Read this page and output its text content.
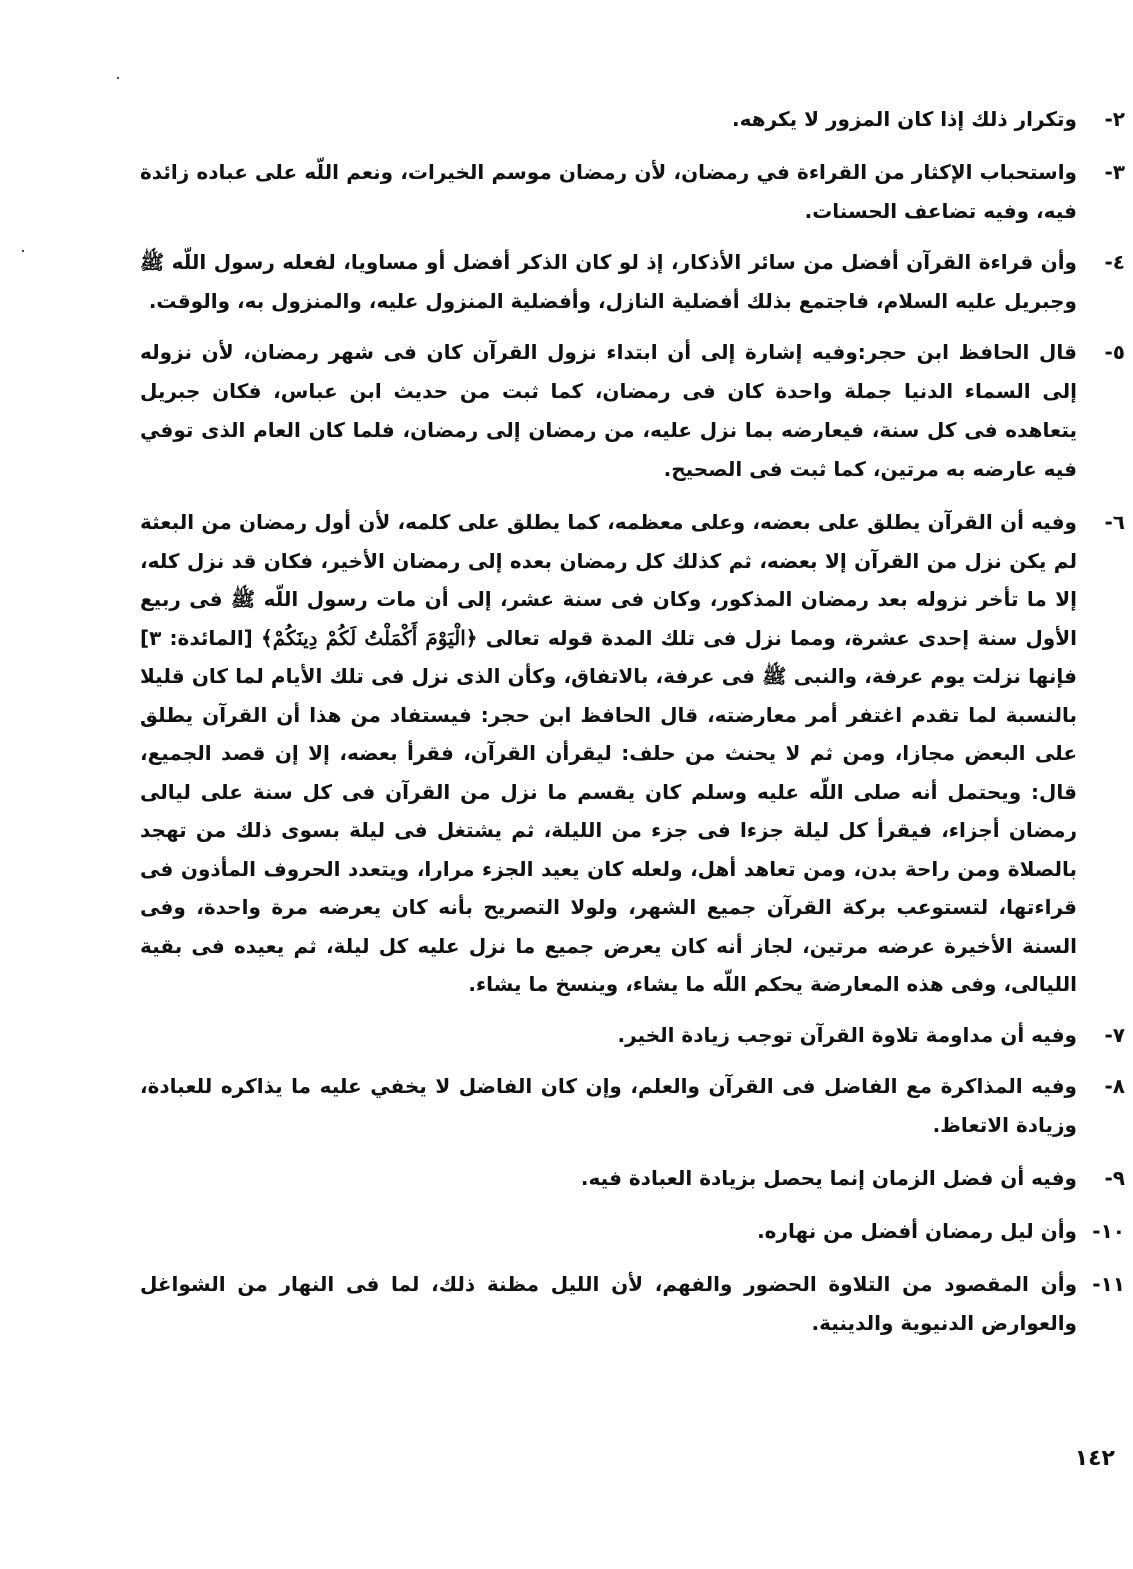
٢-

وتكرار ذلك إذا كان المزور لا يكرهه.

٣-

واستحباب الإكثار من القراءة في رمضان، لأن رمضان موسم الخيرات، ونعم اللّه على عباده زائدة فيه، وفيه تضاعف الحسنات.

٤-

وأن قراءة القرآن أفضل من سائر الأذكار، إذ لو كان الذكر أفضل أو مساويا، لفعله رسول اللّه ﷺ وجبريل عليه السلام، فاجتمع بذلك أفضلية النازل، وأفضلية المنزول عليه، والمنزول به، والوقت.

٥-

قال الحافظ ابن حجر:وفيه إشارة إلى أن ابتداء نزول القرآن كان فى شهر رمضان، لأن نزوله إلى السماء الدنيا جملة واحدة كان فى رمضان، كما ثبت من حديث ابن عباس، فكان جبريل يتعاهده فى كل سنة، فيعارضه بما نزل عليه، من رمضان إلى رمضان، فلما كان العام الذى توفي فيه عارضه به مرتين، كما ثبت فى الصحيح.

٦-

وفيه أن القرآن يطلق على بعضه، وعلى معظمه، كما يطلق على كلمه، لأن أول رمضان من البعثة لم يكن نزل من القرآن إلا بعضه، ثم كذلك كل رمضان بعده إلى رمضان الأخير، فكان قد نزل كله، إلا ما تأخر نزوله بعد رمضان المذكور، وكان فى سنة عشر، إلى أن مات رسول اللّه ﷺ فى ربيع الأول سنة إحدى عشرة، ومما نزل فى تلك المدة قوله تعالى ﴿الْيَوْمَ أَكْمَلْتُ لَكُمْ دِينَكُمْ﴾ [المائدة: ٣] فإنها نزلت يوم عرفة، والنبى ﷺ فى عرفة، بالاتفاق، وكأن الذى نزل فى تلك الأيام لما كان قليلا بالنسبة لما تقدم اغتفر أمر معارضته، قال الحافظ ابن حجر: فيستفاد من هذا أن القرآن يطلق على البعض مجازا، ومن ثم لا يحنث من حلف: ليقرأن القرآن، فقرأ بعضه، إلا إن قصد الجميع، قال: ويحتمل أنه صلى اللّه عليه وسلم كان يقسم ما نزل من القرآن فى كل سنة على ليالى رمضان أجزاء، فيقرأ كل ليلة جزءا فى جزء من الليلة، ثم يشتغل فى ليلة بسوى ذلك من تهجد بالصلاة ومن راحة بدن، ومن تعاهد أهل، ولعله كان يعيد الجزء مرارا، ويتعدد الحروف المأذون فى قراءتها، لتستوعب بركة القرآن جميع الشهر، ولولا التصريح بأنه كان يعرضه مرة واحدة، وفى السنة الأخيرة عرضه مرتين، لجاز أنه كان يعرض جميع ما نزل عليه كل ليلة، ثم يعيده فى بقية الليالى، وفى هذه المعارضة يحكم اللّه ما يشاء، وينسخ ما يشاء.

٧-

وفيه أن مداومة تلاوة القرآن توجب زيادة الخير.

٨-

وفيه المذاكرة مع الفاضل فى القرآن والعلم، وإن كان الفاضل لا يخفي عليه ما يذاكره للعبادة، وزيادة الاتعاظ.

٩-

وفيه أن فضل الزمان إنما يحصل بزيادة العبادة فيه.

١٠-

وأن ليل رمضان أفضل من نهاره.

١١-

وأن المقصود من التلاوة الحضور والفهم، لأن الليل مظنة ذلك، لما فى النهار من الشواغل والعوارض الدنيوية والدينية.

١٤٢
